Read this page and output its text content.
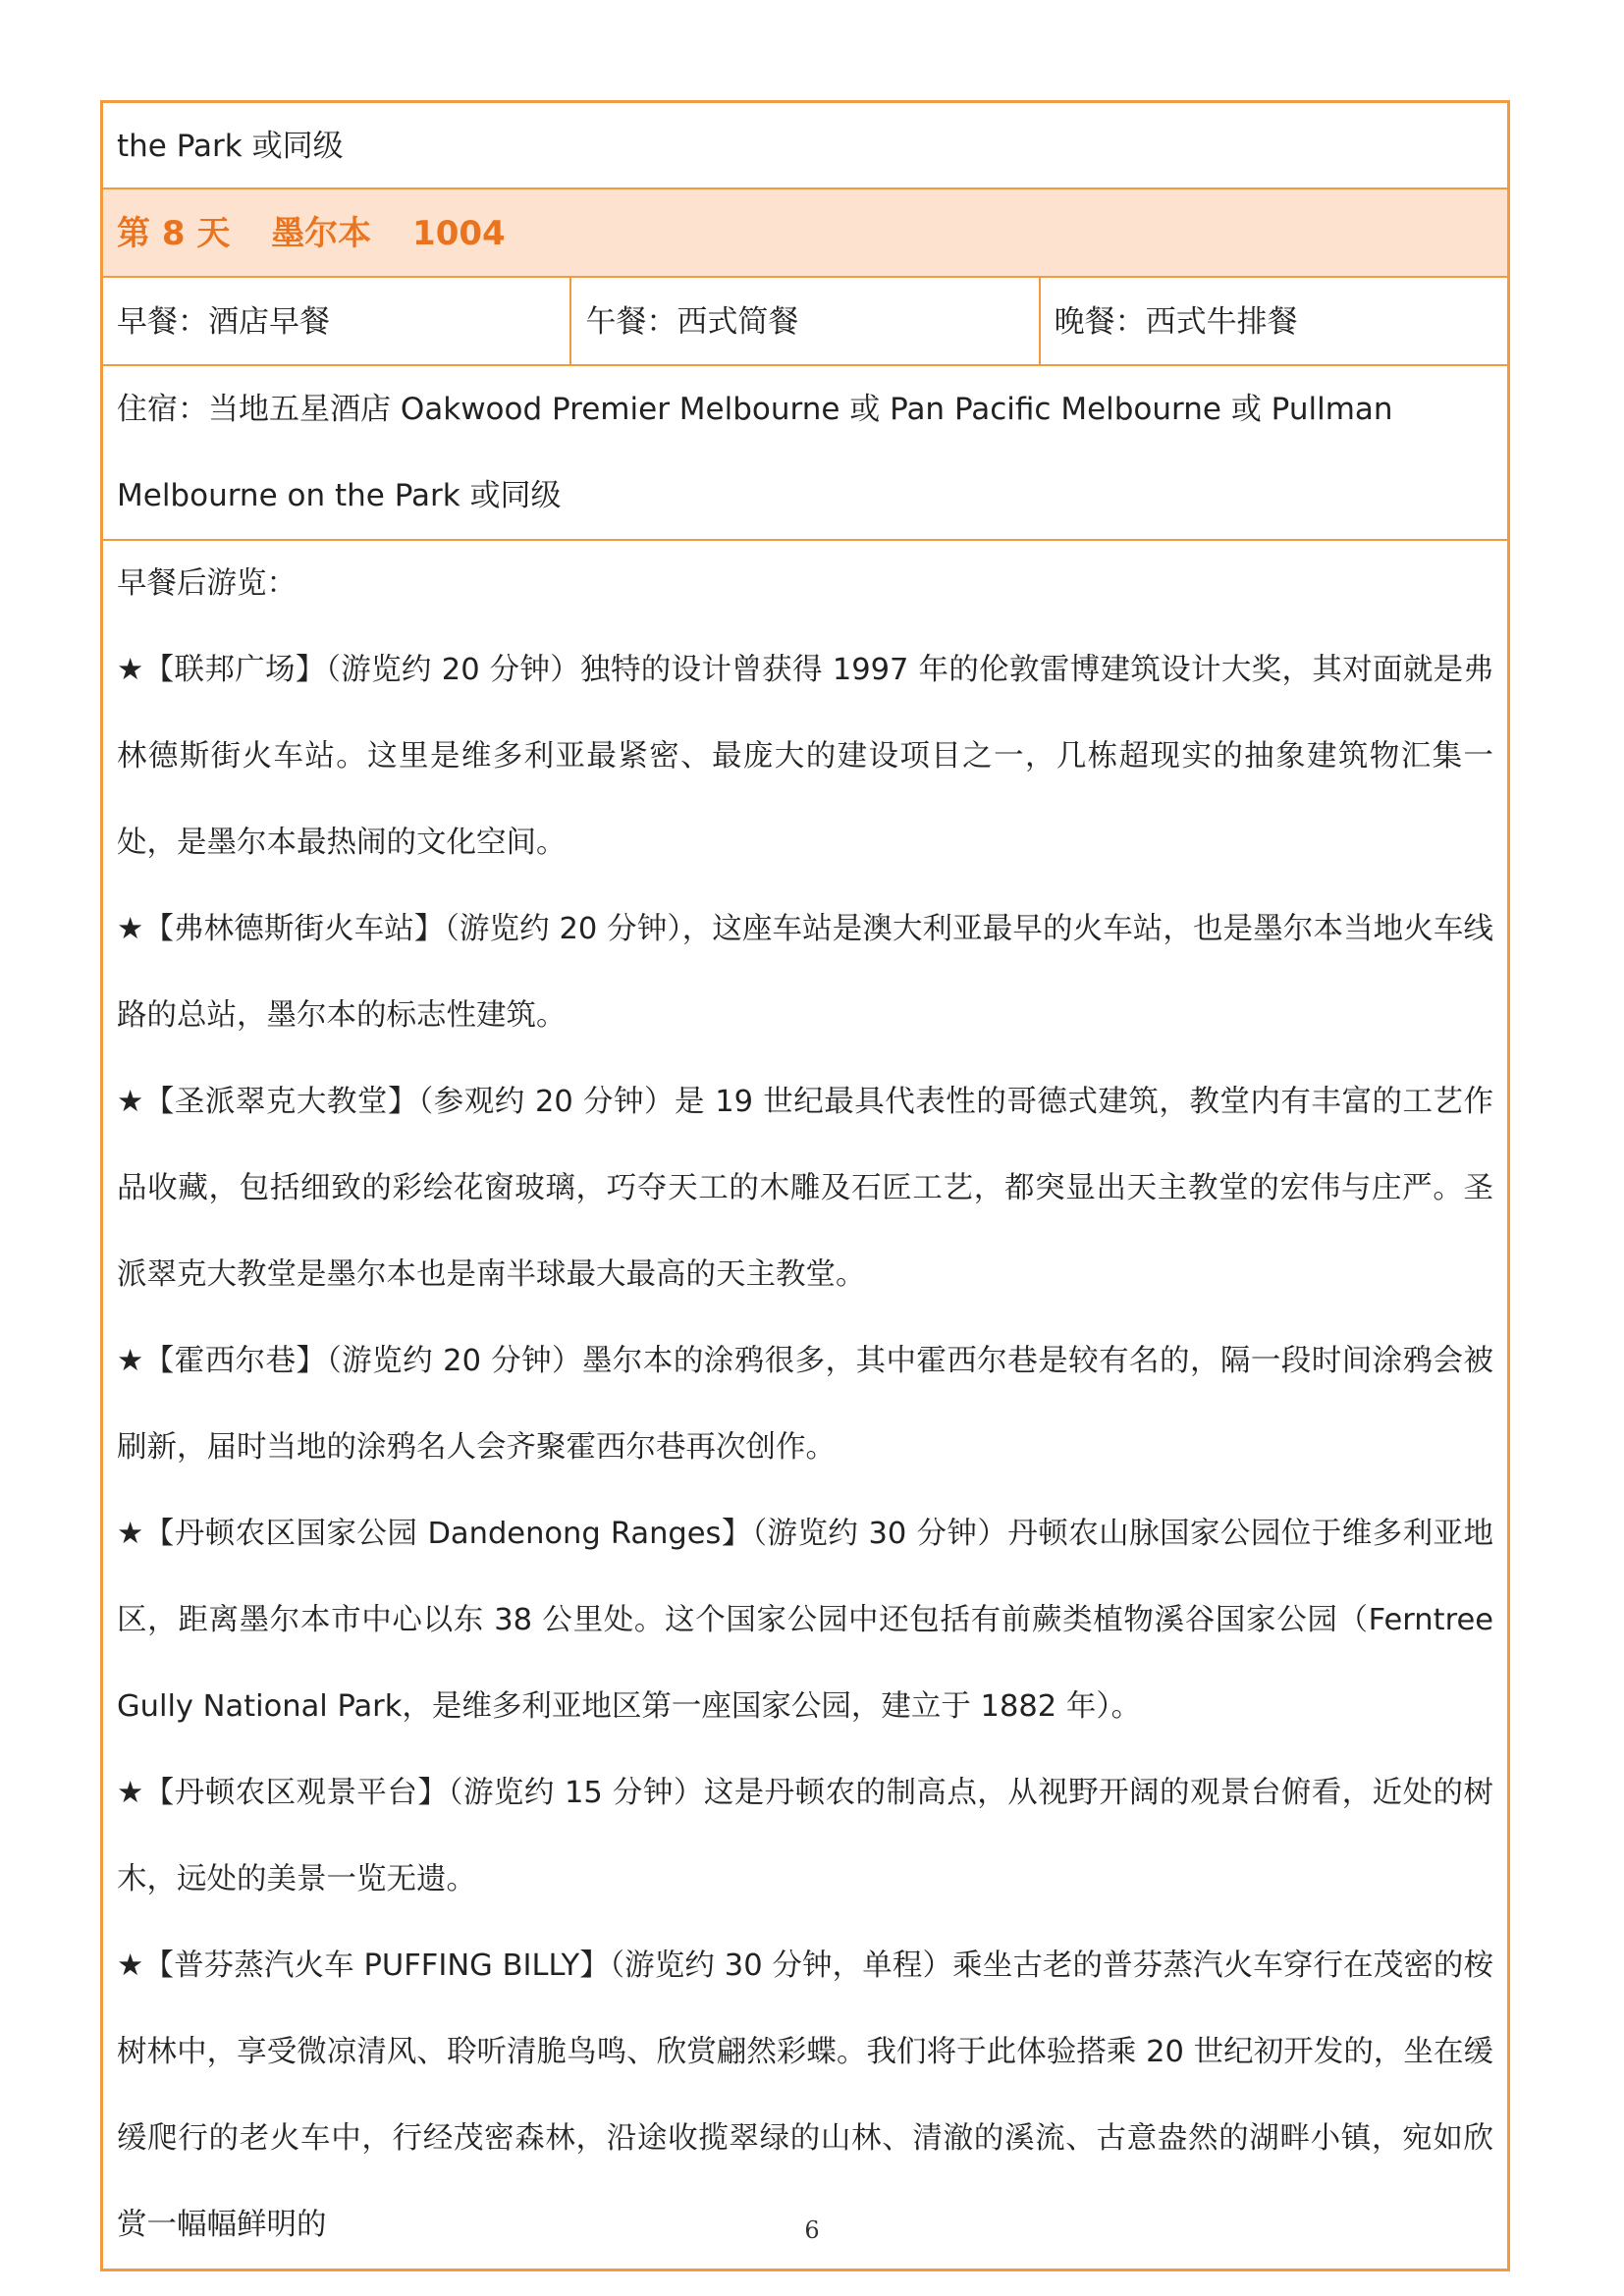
the Park 或同级
第 8 天 墨尔本 1004
早餐：酒店早餐	午餐：西式简餐	晚餐：西式牛排餐
住宿：当地五星酒店 Oakwood Premier Melbourne 或 Pan Pacific Melbourne 或 Pullman Melbourne on the Park 或同级

早餐后游览：

★【联邦广场】（游览约 20 分钟）独特的设计曾获得 1997 年的伦敦雷博建筑设计大奖，其对面就是弗林德斯街火车站。这里是维多利亚最紧密、最庞大的建设项目之一，几栋超现实的抽象建筑物汇集一处，是墨尔本最热闹的文化空间。

★【弗林德斯街火车站】（游览约 20 分钟），这座车站是澳大利亚最早的火车站，也是墨尔本当地火车线路的总站，墨尔本的标志性建筑。

★【圣派翠克大教堂】（参观约 20 分钟）是 19 世纪最具代表性的哥德式建筑，教堂内有丰富的工艺作品收藏，包括细致的彩绘花窗玻璃，巧夺天工的木雕及石匠工艺，都突显出天主教堂的宏伟与庄严。圣派翠克大教堂是墨尔本也是南半球最大最高的天主教堂。

★【霍西尔巷】（游览约 20 分钟）墨尔本的涂鸦很多，其中霍西尔巷是较有名的，隔一段时间涂鸦会被刷新，届时当地的涂鸦名人会齐聚霍西尔巷再次创作。

★【丹顿农区国家公园 Dandenong Ranges】（游览约 30 分钟）丹顿农山脉国家公园位于维多利亚地区，距离墨尔本市中心以东 38 公里处。这个国家公园中还包括有前蕨类植物溪谷国家公园（Ferntree Gully National Park，是维多利亚地区第一座国家公园，建立于 1882 年）。

★【丹顿农区观景平台】（游览约 15 分钟）这是丹顿农的制高点，从视野开阔的观景台俯看，近处的树木，远处的美景一览无遗。

★【普芬蒸汽火车 PUFFING BILLY】（游览约 30 分钟，单程）乘坐古老的普芬蒸汽火车穿行在茂密的桉树林中，享受微凉清风、聆听清脆鸟鸣、欣赏翩然彩蝶。我们将于此体验搭乘 20 世纪初开发的，坐在缓缓爬行的老火车中，行经茂密森林，沿途收揽翠绿的山林、清澈的溪流、古意盎然的湖畔小镇，宛如欣赏一幅幅鲜明的	6
